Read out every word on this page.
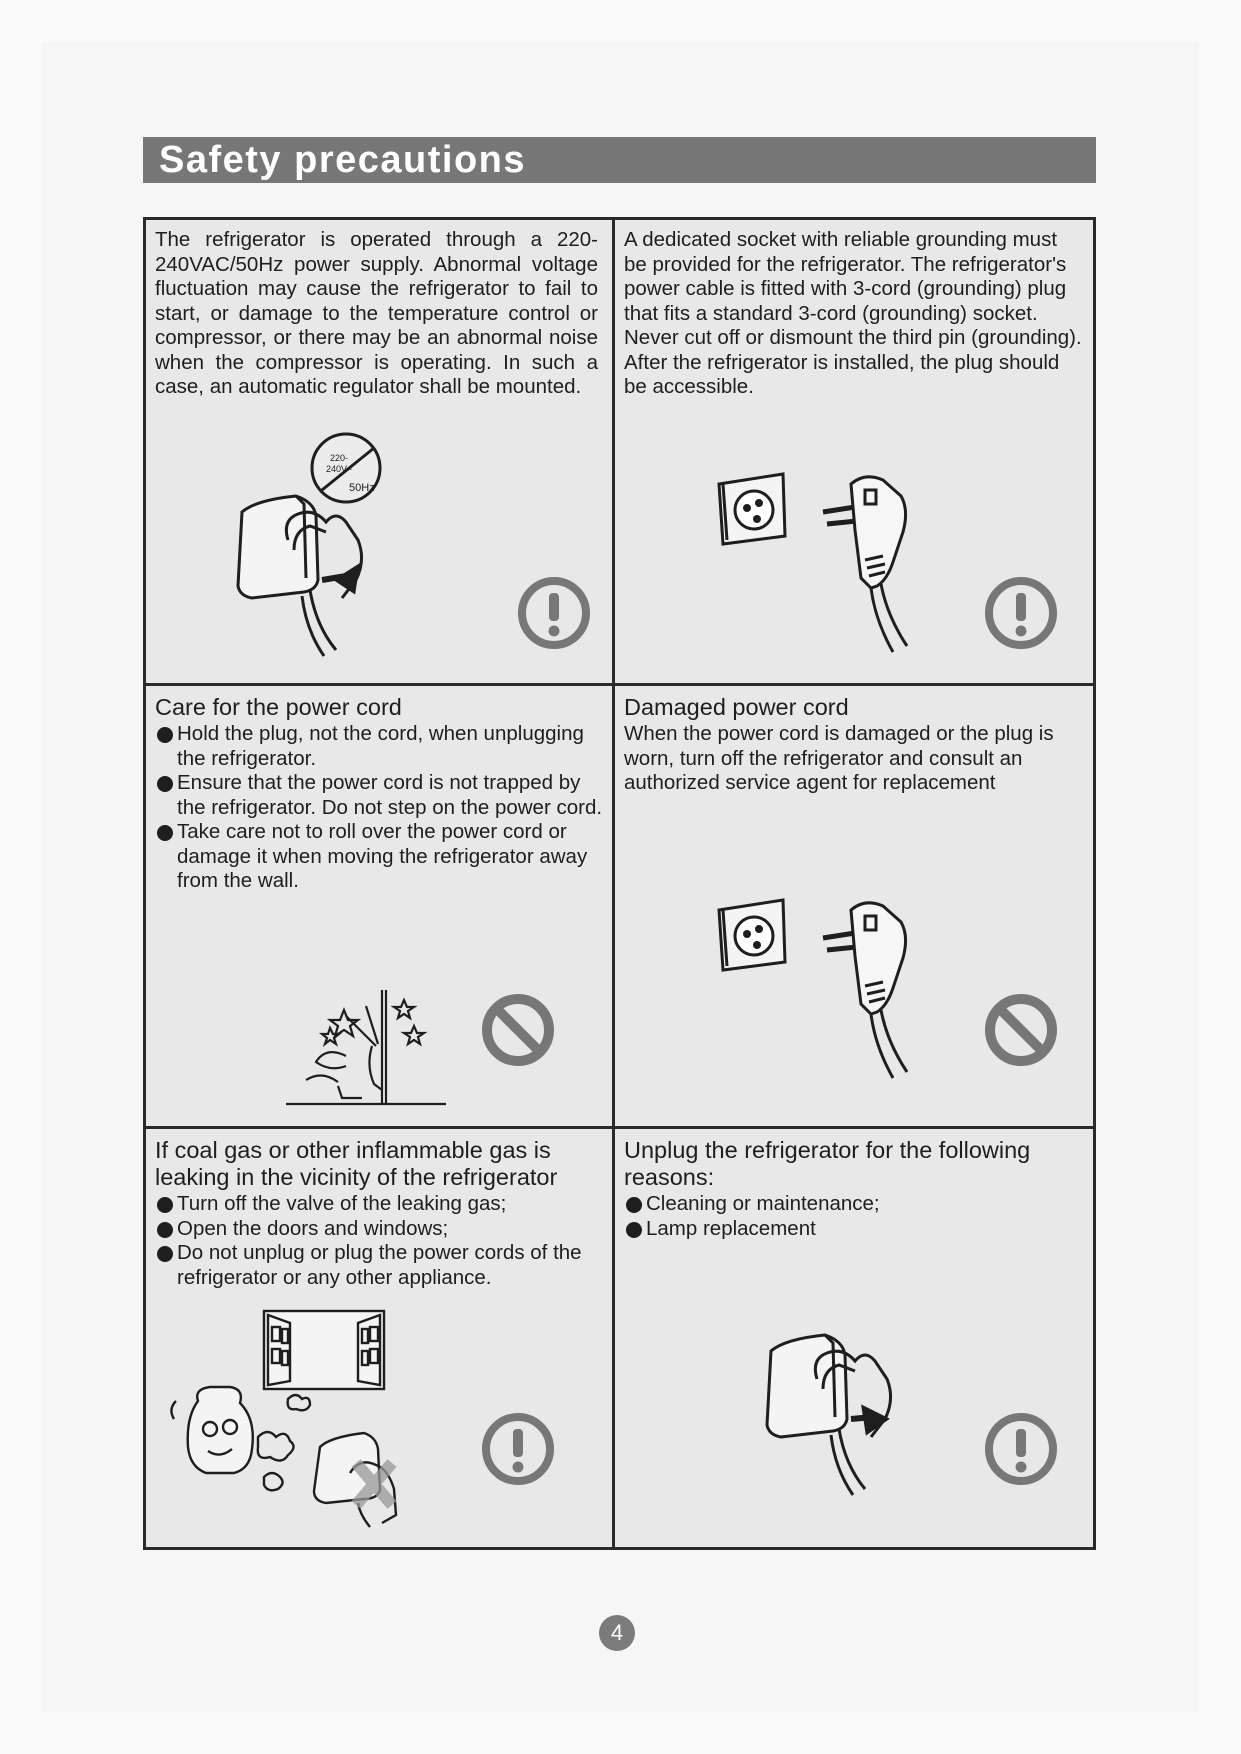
Safety precautions
The refrigerator is operated through a 220-240VAC/50Hz power supply. Abnormal voltage fluctuation may cause the refrigerator to fail to start, or damage to the temperature control or compressor, or there may be an abnormal noise when the compressor is operating. In such a case, an automatic regulator shall be mounted.
220-
240V~
50Hz
A dedicated socket with reliable grounding must be provided for the refrigerator. The refrigerator's power cable is fitted with 3-cord (grounding) plug that fits a standard 3-cord (grounding) socket. Never cut off or dismount the third pin (grounding). After the refrigerator is installed, the plug should be accessible.
Care for the power cord
Hold the plug, not the cord, when unplugging the refrigerator.
Ensure that the power cord is not trapped by the refrigerator. Do not step on the power cord.
Take care not to roll over the power cord or damage it when moving the refrigerator away from the wall.
Damaged power cord
When the power cord is damaged or the plug is worn, turn off the refrigerator and consult an authorized service agent for replacement
If coal gas or other inflammable gas is leaking in the vicinity of the refrigerator
Turn off the valve of the leaking gas;
Open the doors and windows;
Do not unplug or plug the power cords of the refrigerator or any other appliance.
Unplug the refrigerator for the following reasons:
Cleaning or maintenance;
Lamp replacement
4
